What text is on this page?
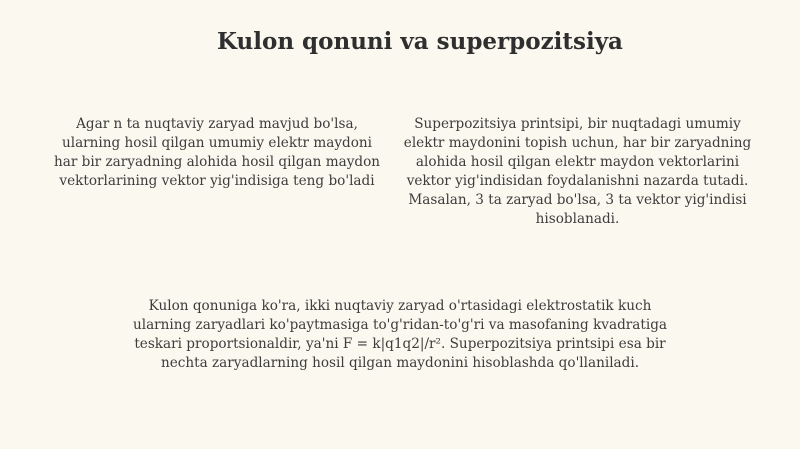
Kulon qonuni va superpozitsiya

Agar n ta nuqtaviy zaryad mavjud bo'lsa, ularning hosil qilgan umumiy elektr maydoni har bir zaryadning alohida hosil qilgan maydon vektorlarining vektor yig'indisiga teng bo'ladi

Superpozitsiya printsipi, bir nuqtadagi umumiy elektr maydonini topish uchun, har bir zaryadning alohida hosil qilgan elektr maydon vektorlarini vektor yig'indisidan foydalanishni nazarda tutadi. Masalan, 3 ta zaryad bo'lsa, 3 ta vektor yig'indisi hisoblanadi.

Kulon qonuniga ko'ra, ikki nuqtaviy zaryad o'rtasidagi elektrostatik kuch ularning zaryadlari ko'paytmasiga to'g'ridan-to'g'ri va masofaning kvadratiga teskari proportsionaldir, ya'ni F = k|q1q2|/r². Superpozitsiya printsipi esa bir nechta zaryadlarning hosil qilgan maydonini hisoblashda qo'llaniladi.
